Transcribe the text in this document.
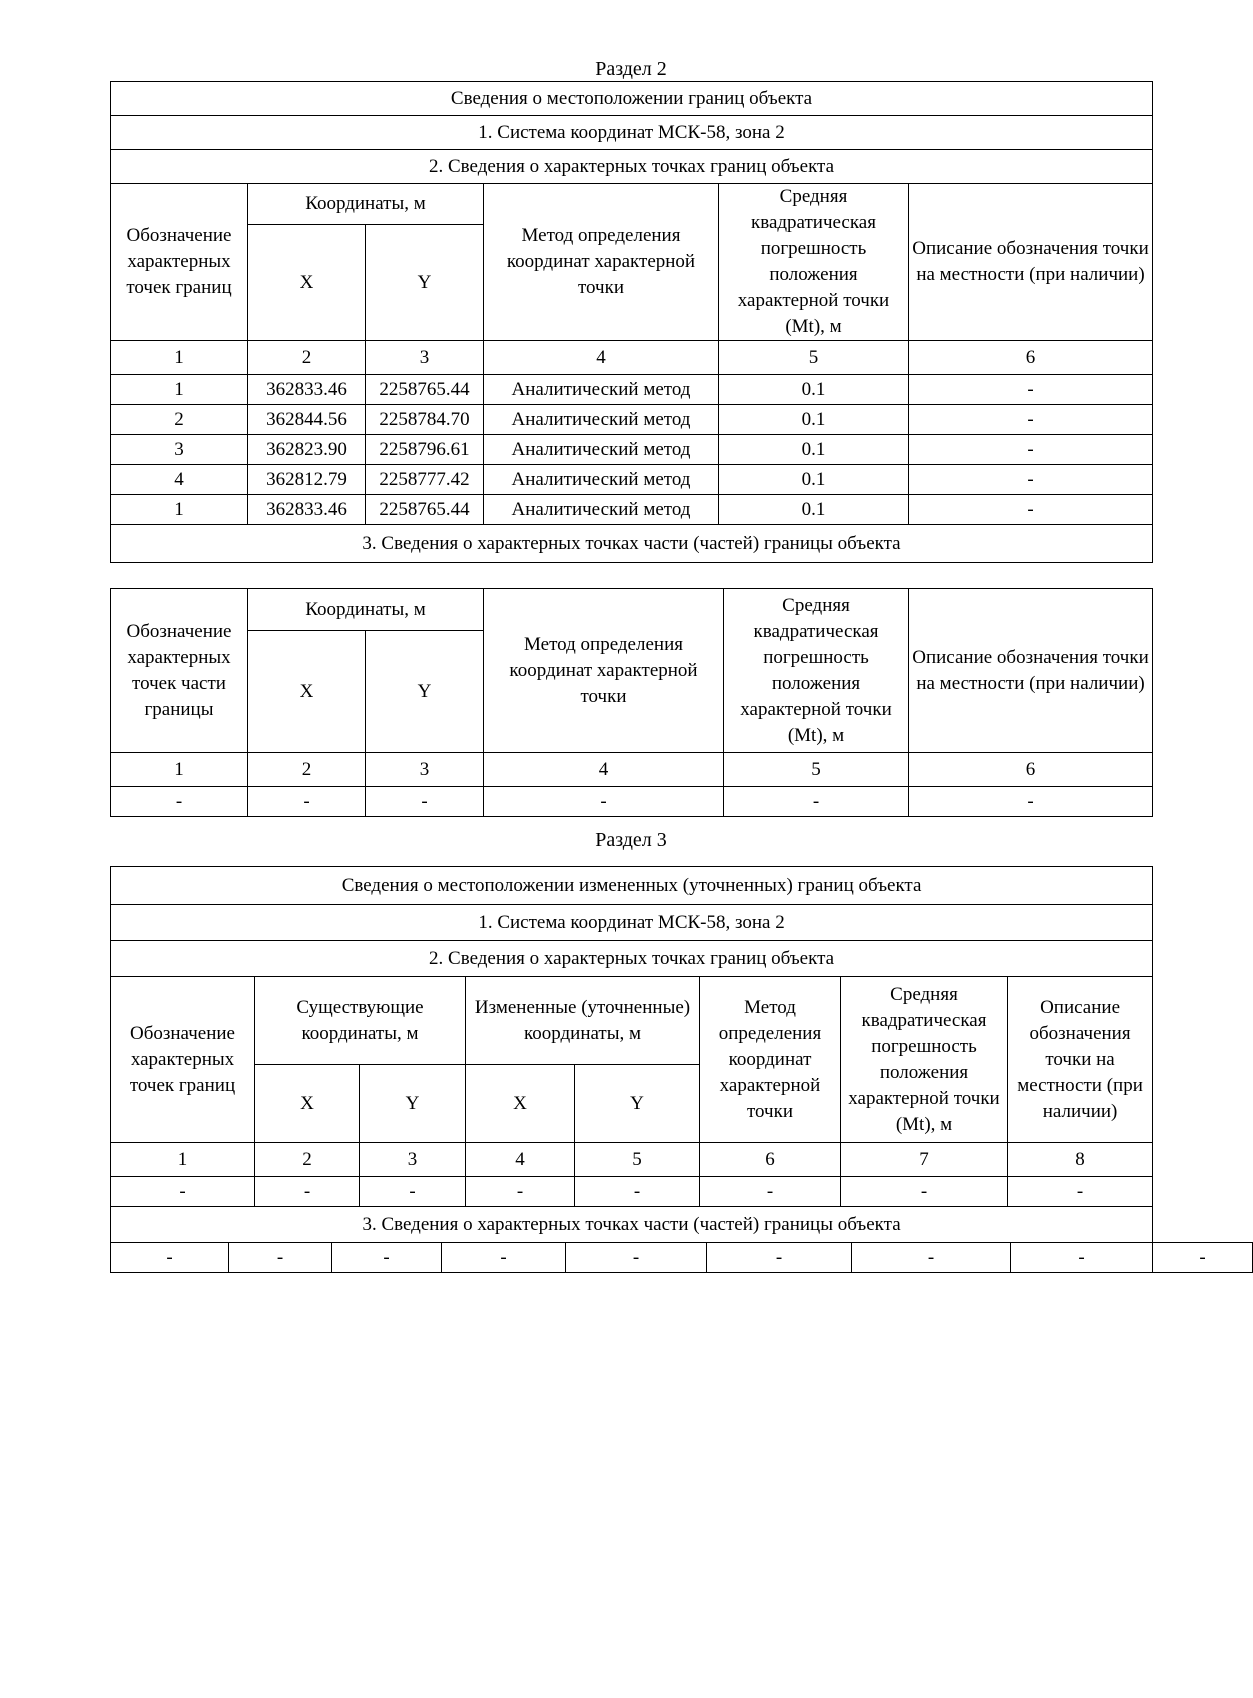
Раздел 2
Сведения о местоположении границ объекта					
1. Система координат МСК-58, зона 2					
2. Сведения о характерных точках границ объекта					
Обозначение характерных точек границ	Координаты, м		Метод определения координат характерной точки	Средняя квадратическая погрешность положения характерной точки (Mt), м	Описание обозначения точки на местности (при наличии)
	X	Y			
1	2	3	4	5	6
1	362833.46	2258765.44	Аналитический метод	0.1	-
2	362844.56	2258784.70	Аналитический метод	0.1	-
3	362823.90	2258796.61	Аналитический метод	0.1	-
4	362812.79	2258777.42	Аналитический метод	0.1	-
1	362833.46	2258765.44	Аналитический метод	0.1	-
3. Сведения о характерных точках части (частей) границы объекта					
Обозначение характерных точек части границы	Координаты, м		Метод определения координат характерной точки	Средняя квадратическая погрешность положения характерной точки (Mt), м	Описание обозначения точки на местности (при наличии)
	X	Y			
1	2	3	4	5	6
-	-	-	-	-	-
Раздел 3
Сведения о местоположении измененных (уточненных) границ объекта							
1. Система координат МСК-58, зона 2							
2. Сведения о характерных точках границ объекта							
Обозначение характерных точек границ	Существующие координаты, м		Измененные (уточненные) координаты, м		Метод определения координат характерной точки	Средняя квадратическая погрешность положения характерной точки (Mt), м	Описание обозначения точки на местности (при наличии)
	X	Y	X	Y			
1	2	3	4	5	6	7	8
-	-	-	-	-	-	-	-
3. Сведения о характерных точках части (частей) границы объекта							
-	-	-	-	-	-	-	-	-
